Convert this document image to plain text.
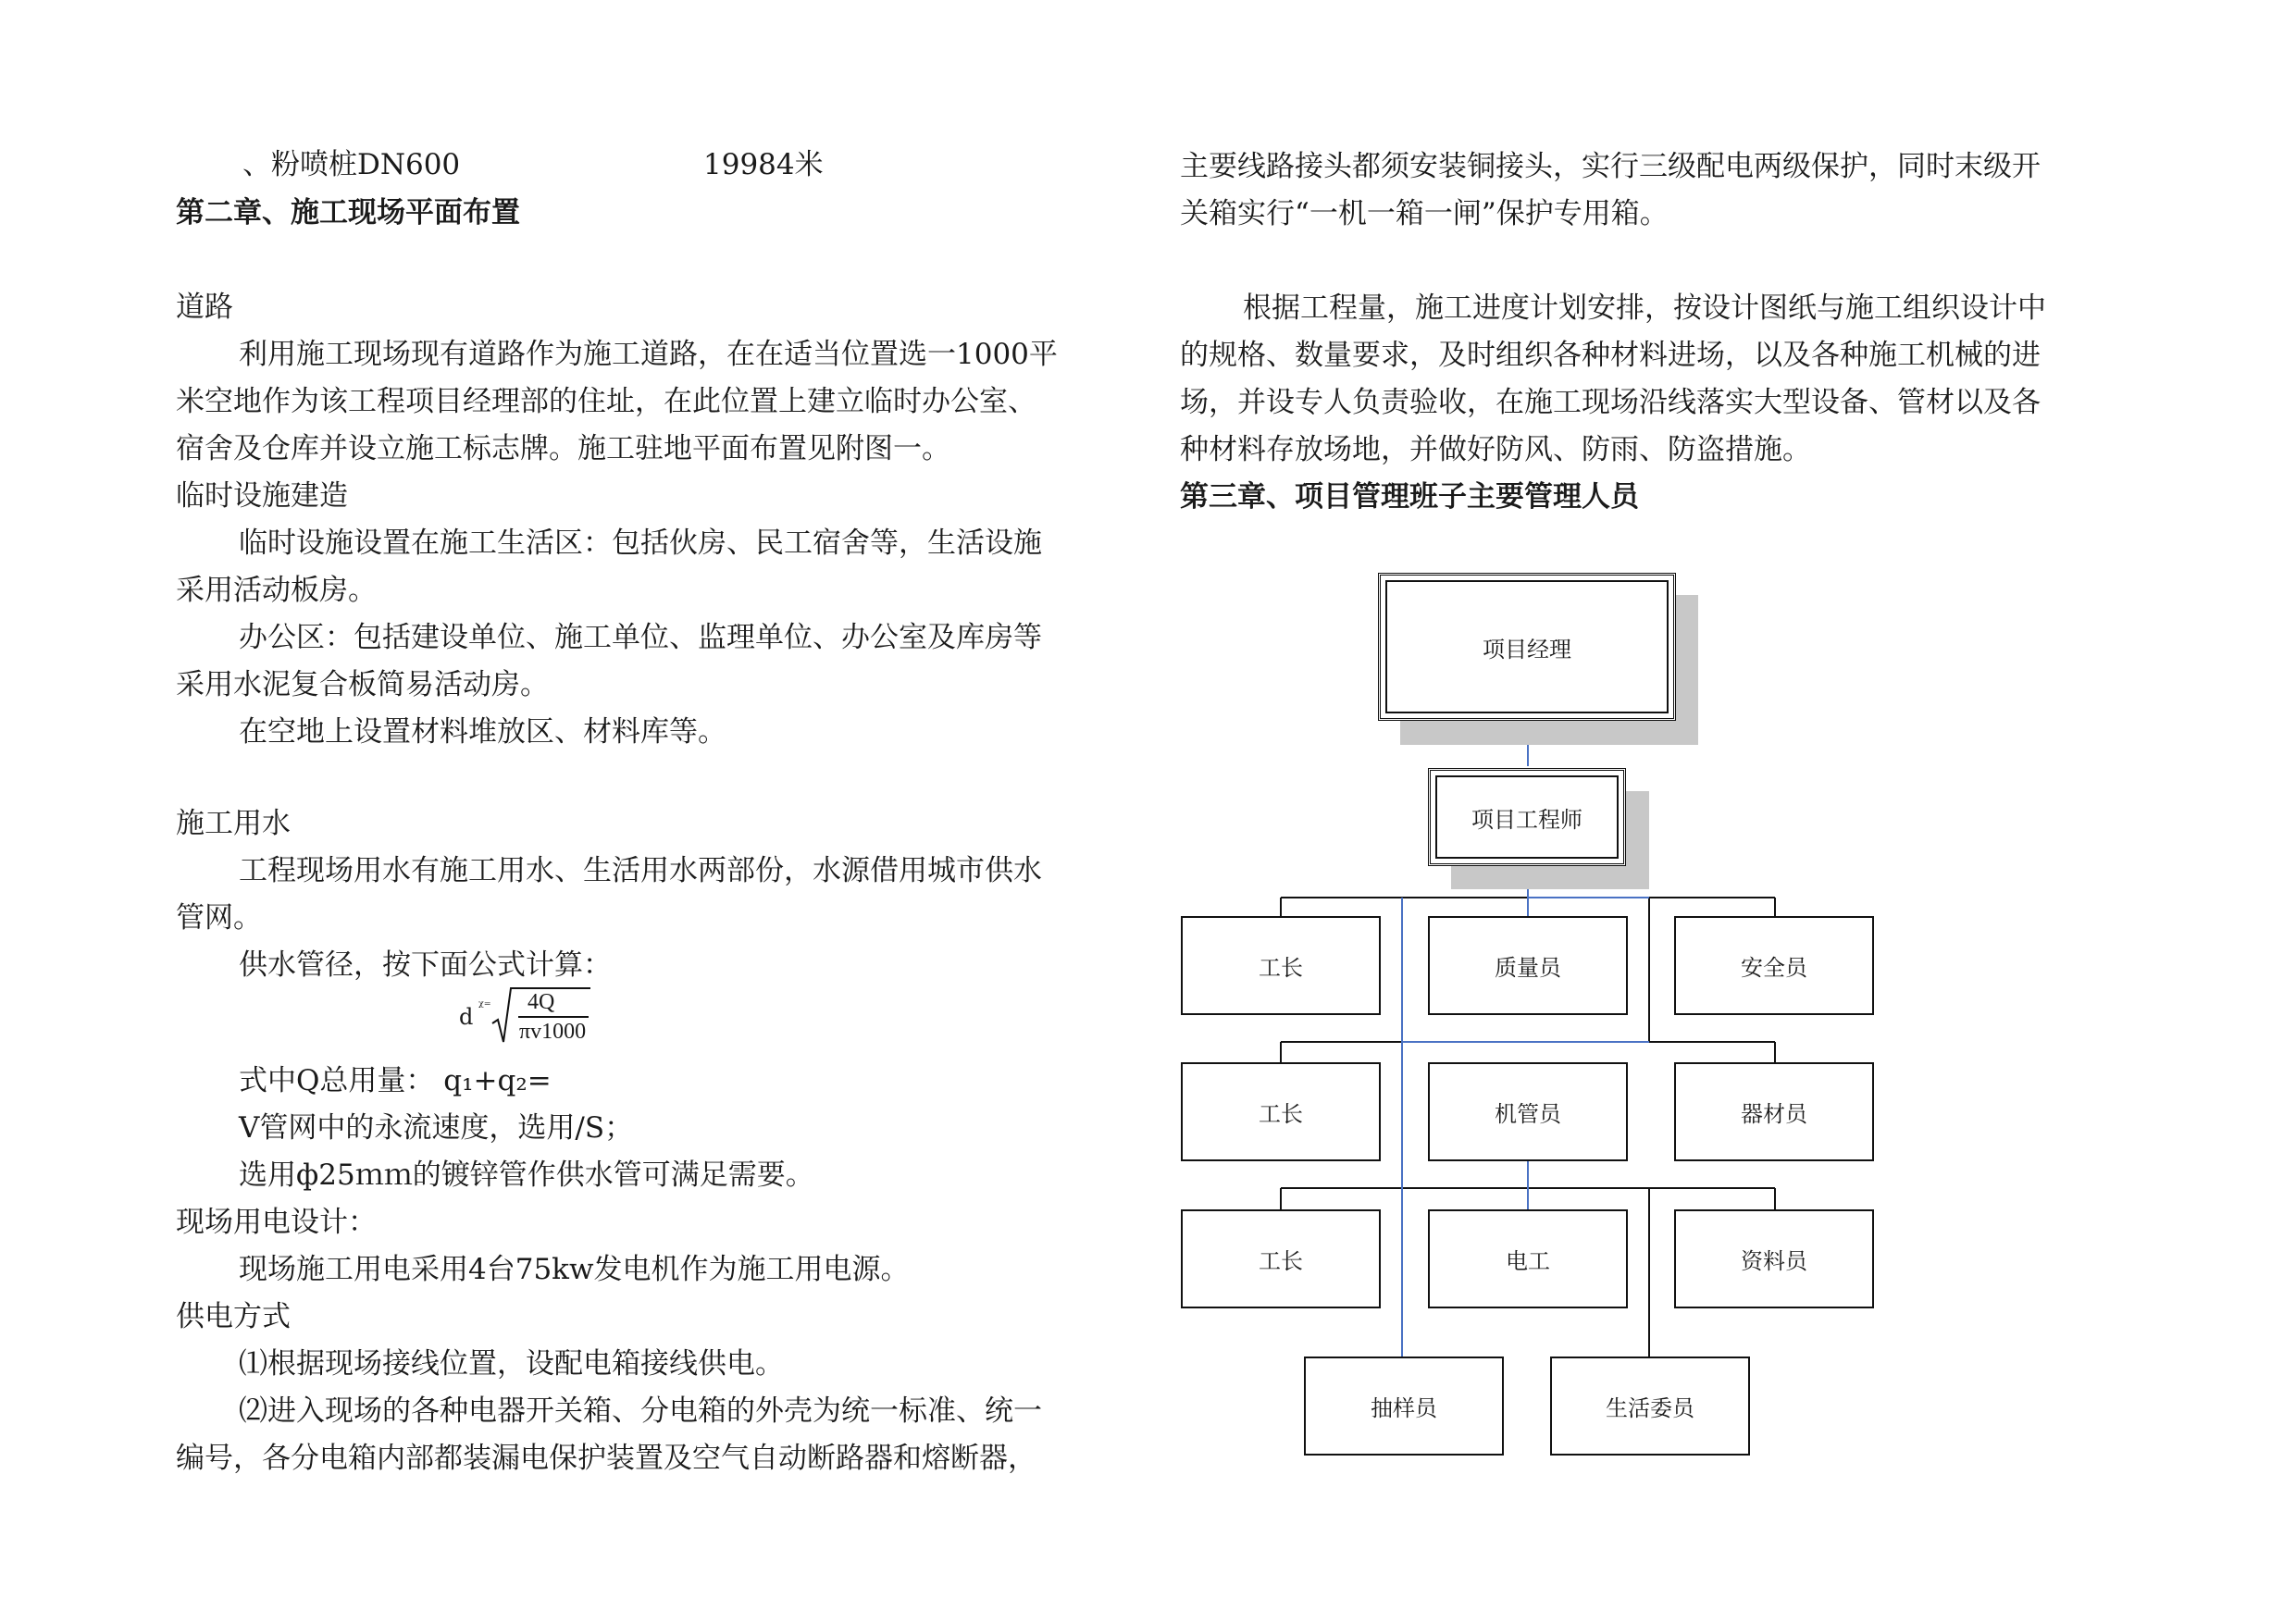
、粉喷桩DN600	19984米
第二章、施工现场平面布置
道路
利用施工现场现有道路作为施工道路，在在适当位置选一1000平
米空地作为该工程项目经理部的住址，在此位置上建立临时办公室、
宿舍及仓库并设立施工标志牌。施工驻地平面布置见附图一。
临时设施建造
临时设施设置在施工生活区：包括伙房、民工宿舍等，生活设施
采用活动板房。
办公区：包括建设单位、施工单位、监理单位、办公室及库房等
采用水泥复合板简易活动房。
在空地上设置材料堆放区、材料库等。
施工用水
工程现场用水有施工用水、生活用水两部份，水源借用城市供水
管网。
供水管径，按下面公式计算：
d ᵡ⁼ 4Q
πv1000
式中Q总用量： q₁+q₂=
V管网中的永流速度，选用/S；
选用ф25ｍｍ的镀锌管作供水管可满足需要。
现场用电设计：
现场施工用电采用4台75kw发电机作为施工用电源。
供电方式
⑴根据现场接线位置，设配电箱接线供电。
⑵进入现场的各种电器开关箱、分电箱的外壳为统一标准、统一
编号，各分电箱内部都装漏电保护装置及空气自动断路器和熔断器，
主要线路接头都须安装铜接头，实行三级配电两级保护，同时末级开
关箱实行“一机一箱一闸”保护专用箱。
根据工程量，施工进度计划安排，按设计图纸与施工组织设计中
的规格、数量要求，及时组织各种材料进场，以及各种施工机械的进
场，并设专人负责验收，在施工现场沿线落实大型设备、管材以及各
种材料存放场地，并做好防风、防雨、防盗措施。
第三章、项目管理班子主要管理人员
项目经理
项目工程师
工长	质量员	安全员
工长	机管员	器材员
工长	电工	资料员
抽样员	生活委员
